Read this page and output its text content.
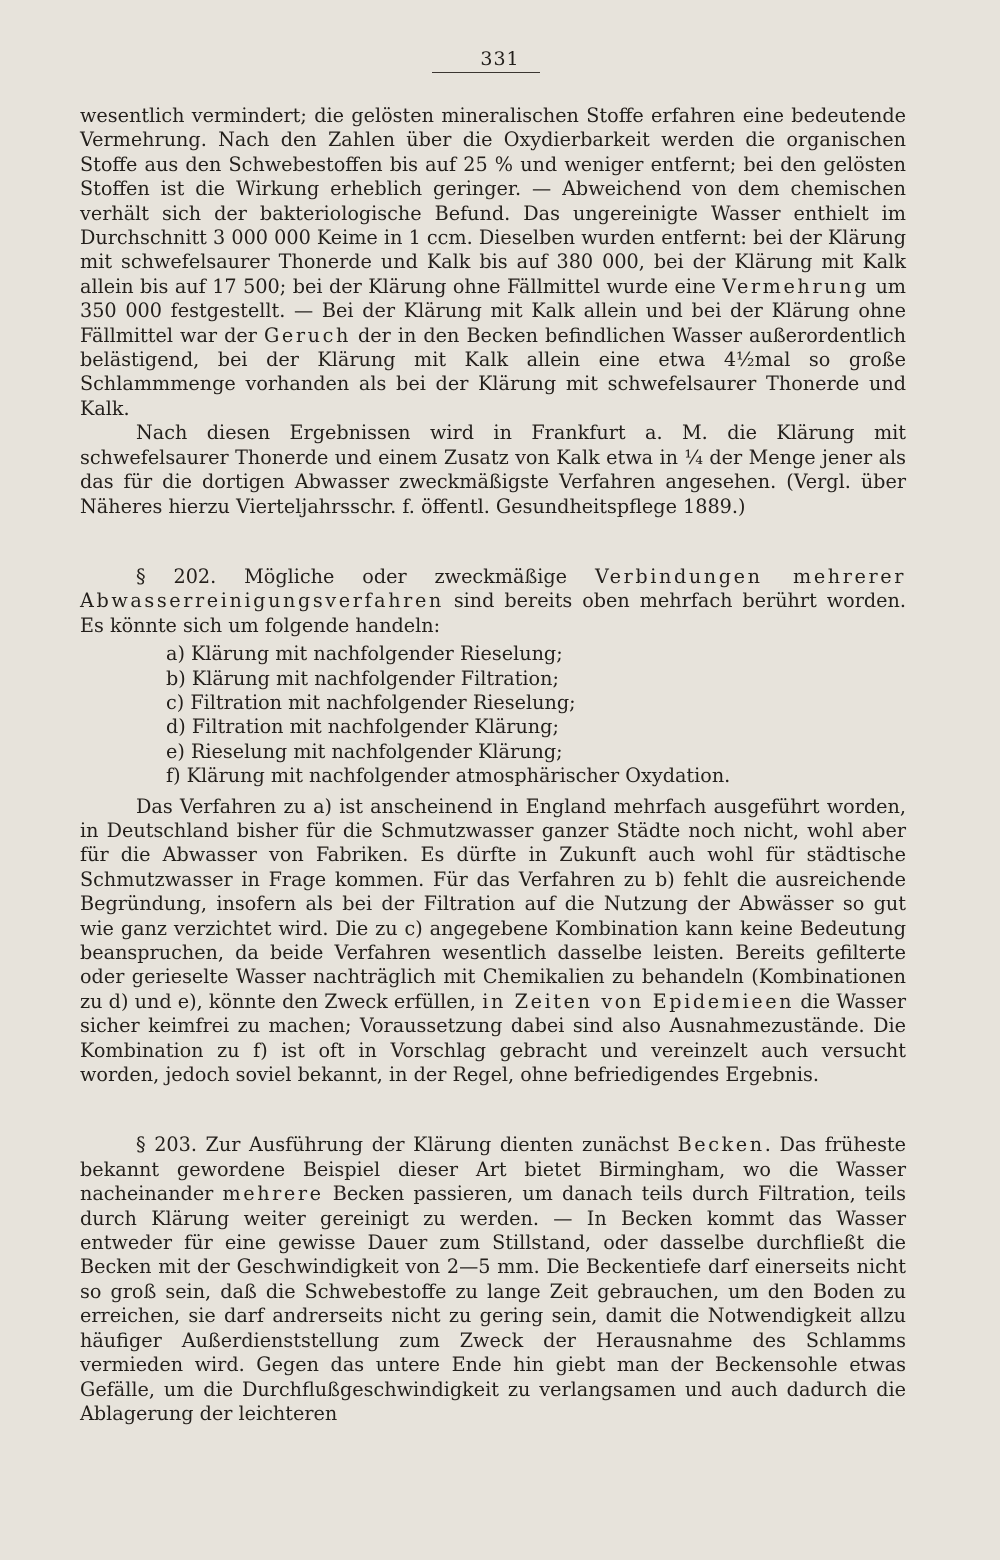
331

wesentlich vermindert; die gelösten mineralischen Stoffe erfahren eine bedeutende Vermehrung. Nach den Zahlen über die Oxydierbarkeit werden die organischen Stoffe aus den Schwebestoffen bis auf 25 % und weniger entfernt; bei den gelösten Stoffen ist die Wirkung erheblich geringer. — Abweichend von dem chemischen verhält sich der bakteriologische Befund. Das ungereinigte Wasser enthielt im Durchschnitt 3 000 000 Keime in 1 ccm. Dieselben wurden entfernt: bei der Klärung mit schwefelsaurer Thonerde und Kalk bis auf 380 000, bei der Klärung mit Kalk allein bis auf 17 500; bei der Klärung ohne Fällmittel wurde eine Vermehrung um 350 000 festgestellt. — Bei der Klärung mit Kalk allein und bei der Klärung ohne Fällmittel war der Geruch der in den Becken befindlichen Wasser außerordentlich belästigend, bei der Klärung mit Kalk allein eine etwa 4½mal so große Schlammmenge vorhanden als bei der Klärung mit schwefelsaurer Thonerde und Kalk.

Nach diesen Ergebnissen wird in Frankfurt a. M. die Klärung mit schwefelsaurer Thonerde und einem Zusatz von Kalk etwa in ¼ der Menge jener als das für die dortigen Abwasser zweckmäßigste Verfahren angesehen. (Vergl. über Näheres hierzu Vierteljahrsschr. f. öffentl. Gesundheitspflege 1889.)

§ 202. Mögliche oder zweckmäßige Verbindungen mehrerer Abwasserreinigungsverfahren sind bereits oben mehrfach berührt worden. Es könnte sich um folgende handeln:

a) Klärung mit nachfolgender Rieselung;
b) Klärung mit nachfolgender Filtration;
c) Filtration mit nachfolgender Rieselung;
d) Filtration mit nachfolgender Klärung;
e) Rieselung mit nachfolgender Klärung;
f) Klärung mit nachfolgender atmosphärischer Oxydation.

Das Verfahren zu a) ist anscheinend in England mehrfach ausgeführt worden, in Deutschland bisher für die Schmutzwasser ganzer Städte noch nicht, wohl aber für die Abwasser von Fabriken. Es dürfte in Zukunft auch wohl für städtische Schmutzwasser in Frage kommen. Für das Verfahren zu b) fehlt die ausreichende Begründung, insofern als bei der Filtration auf die Nutzung der Abwässer so gut wie ganz verzichtet wird. Die zu c) angegebene Kombination kann keine Bedeutung beanspruchen, da beide Verfahren wesentlich dasselbe leisten. Bereits gefilterte oder gerieselte Wasser nachträglich mit Chemikalien zu behandeln (Kombinationen zu d) und e), könnte den Zweck erfüllen, in Zeiten von Epidemieen die Wasser sicher keimfrei zu machen; Voraussetzung dabei sind also Ausnahmezustände. Die Kombination zu f) ist oft in Vorschlag gebracht und vereinzelt auch versucht worden, jedoch soviel bekannt, in der Regel, ohne befriedigendes Ergebnis.

§ 203. Zur Ausführung der Klärung dienten zunächst Becken. Das früheste bekannt gewordene Beispiel dieser Art bietet Birmingham, wo die Wasser nacheinander mehrere Becken passieren, um danach teils durch Filtration, teils durch Klärung weiter gereinigt zu werden. — In Becken kommt das Wasser entweder für eine gewisse Dauer zum Stillstand, oder dasselbe durchfließt die Becken mit der Geschwindigkeit von 2—5 mm. Die Beckentiefe darf einerseits nicht so groß sein, daß die Schwebestoffe zu lange Zeit gebrauchen, um den Boden zu erreichen, sie darf andrerseits nicht zu gering sein, damit die Notwendigkeit allzu häufiger Außerdienststellung zum Zweck der Herausnahme des Schlamms vermieden wird. Gegen das untere Ende hin giebt man der Beckensohle etwas Gefälle, um die Durchflußgeschwindigkeit zu verlangsamen und auch dadurch die Ablagerung der leichteren
